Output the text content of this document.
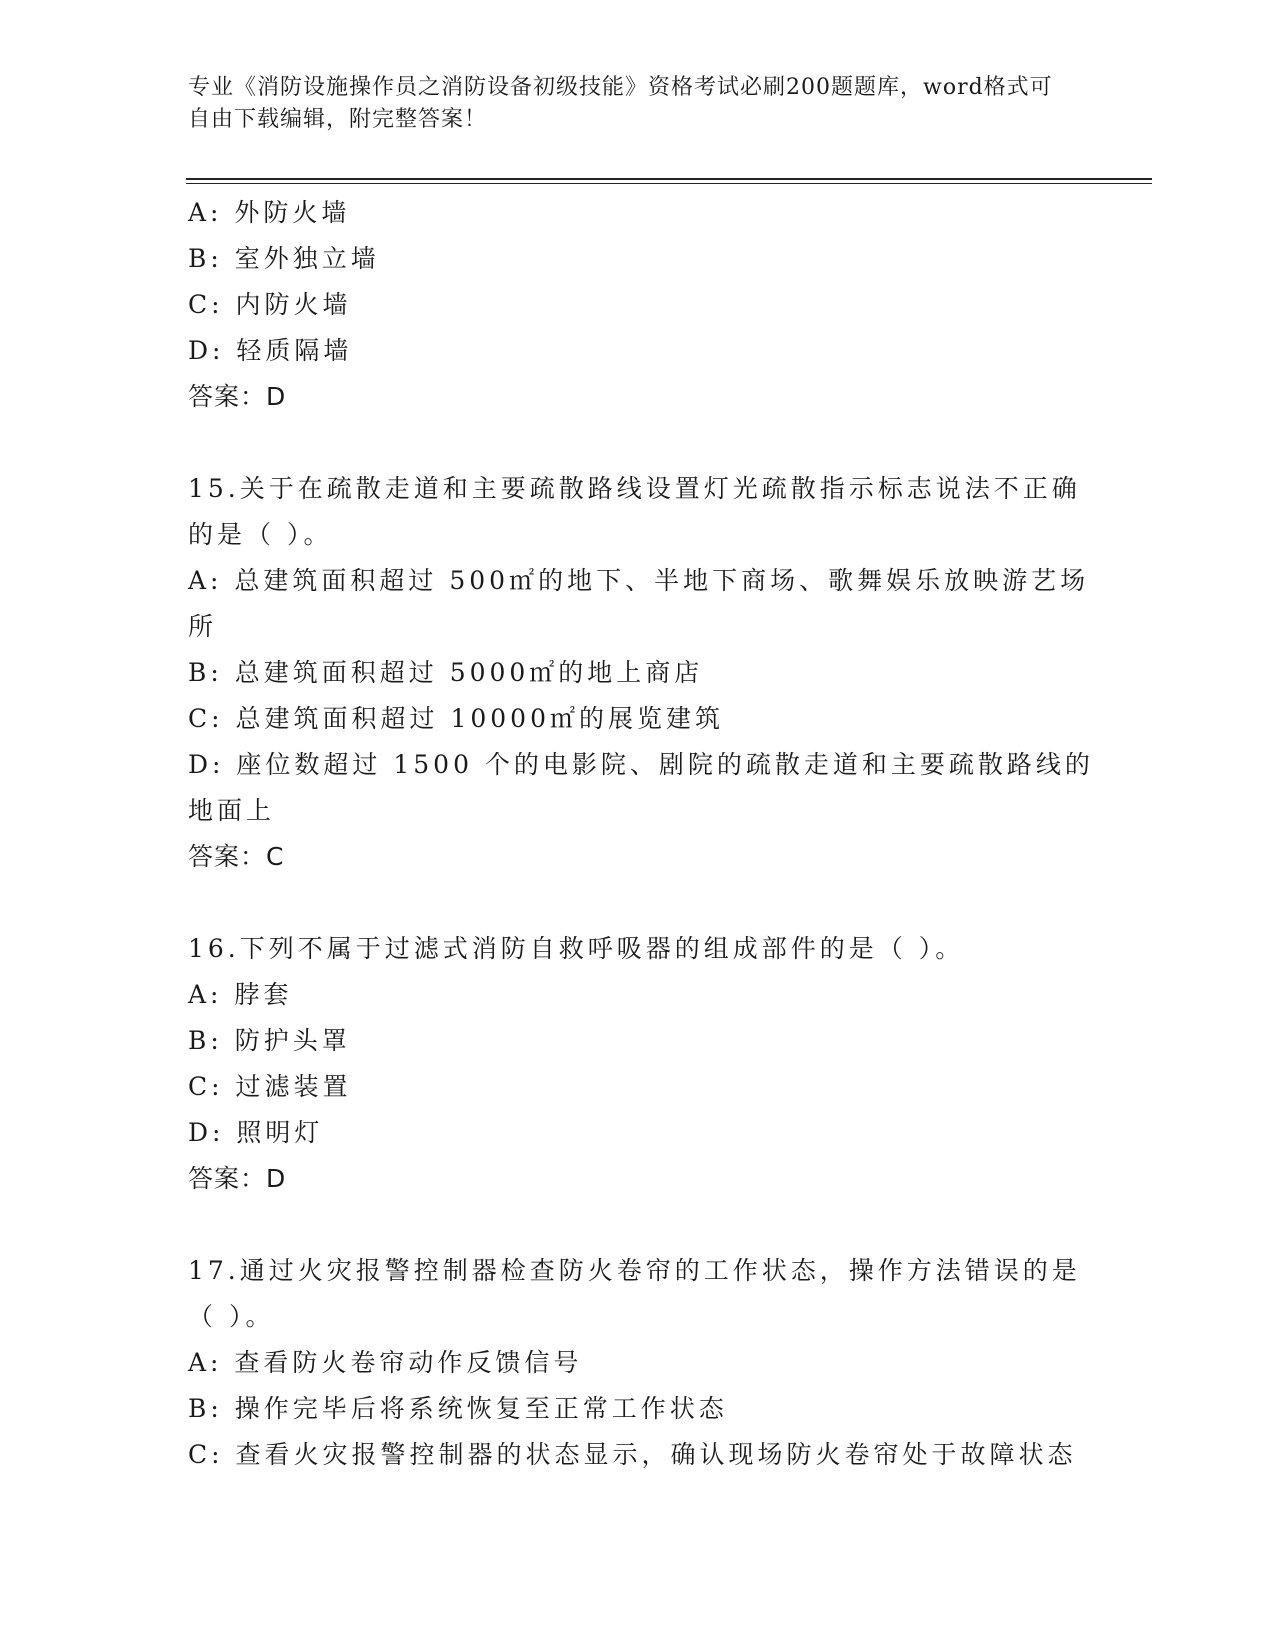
专业《消防设施操作员之消防设备初级技能》资格考试必刷200题题库，word格式可自由下载编辑，附完整答案！
A: 外防火墙
B: 室外独立墙
C: 内防火墙
D: 轻质隔墙
答案：D
15.关于在疏散走道和主要疏散路线设置灯光疏散指示标志说法不正确
的是（ ）。
A: 总建筑面积超过 500㎡的地下、半地下商场、歌舞娱乐放映游艺场
所
B: 总建筑面积超过 5000㎡的地上商店
C: 总建筑面积超过 10000㎡的展览建筑
D: 座位数超过 1500 个的电影院、剧院的疏散走道和主要疏散路线的
地面上
答案：C
16.下列不属于过滤式消防自救呼吸器的组成部件的是（ ）。
A: 脖套
B: 防护头罩
C: 过滤装置
D: 照明灯
答案：D
17.通过火灾报警控制器检查防火卷帘的工作状态，操作方法错误的是
（ ）。
A: 查看防火卷帘动作反馈信号
B: 操作完毕后将系统恢复至正常工作状态
C: 查看火灾报警控制器的状态显示，确认现场防火卷帘处于故障状态
